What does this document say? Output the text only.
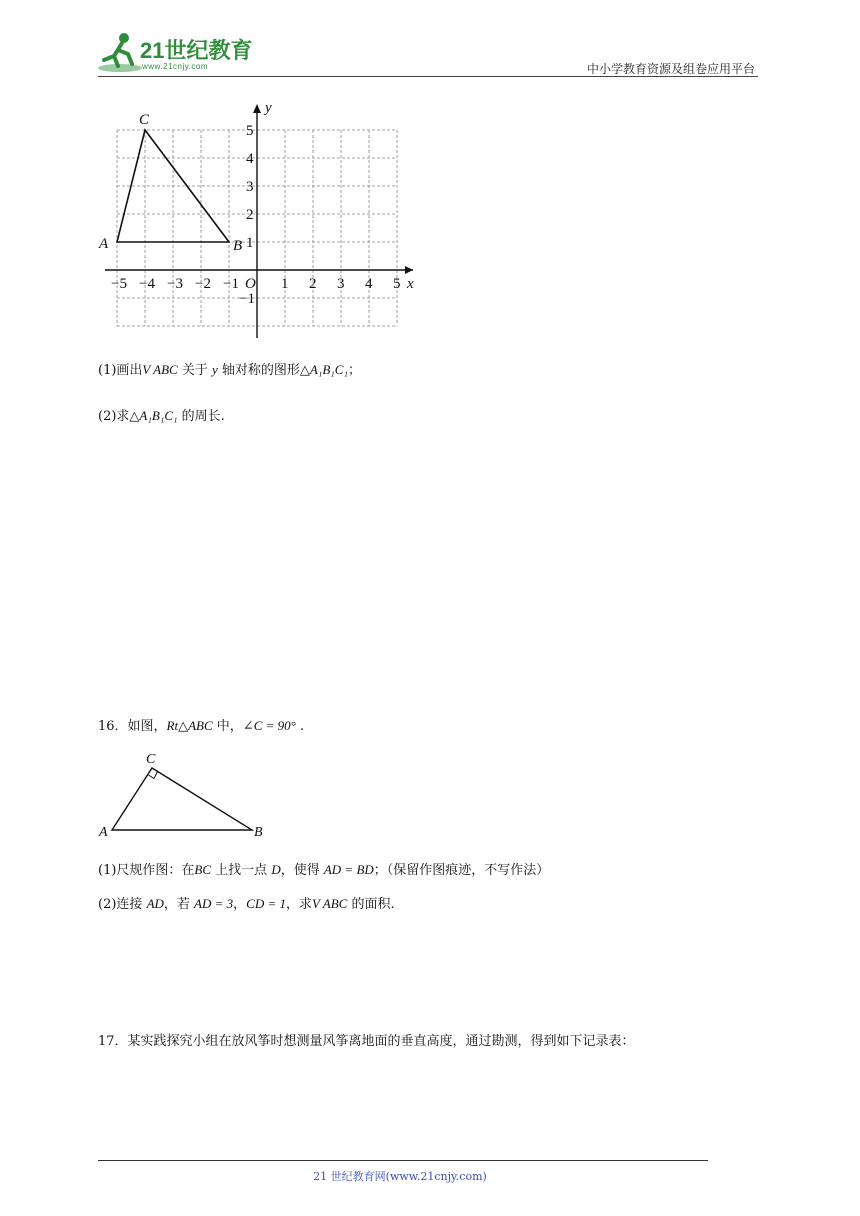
21世纪教育
www.21cnjy.com	中小学教育资源及组卷应用平台
−5 −4 −3 −2 −1 O 1 2 3 4 5 x
5
4
3
2
1
−1
y
A	B
C
(1)画出V ABC 关于 y 轴对称的图形△A₁B₁C₁；
(2)求△A₁B₁C₁ 的周长.
16．如图，Rt△ABC 中，∠C = 90° .
A	B
C
(1)尺规作图：在BC 上找一点 D，使得 AD = BD；（保留作图痕迹，不写作法）
(2)连接 AD，若 AD = 3，CD = 1，求V ABC 的面积.
17．某实践探究小组在放风筝时想测量风筝离地面的垂直高度，通过勘测，得到如下记录表：
21 世纪教育网(www.21cnjy.com)
